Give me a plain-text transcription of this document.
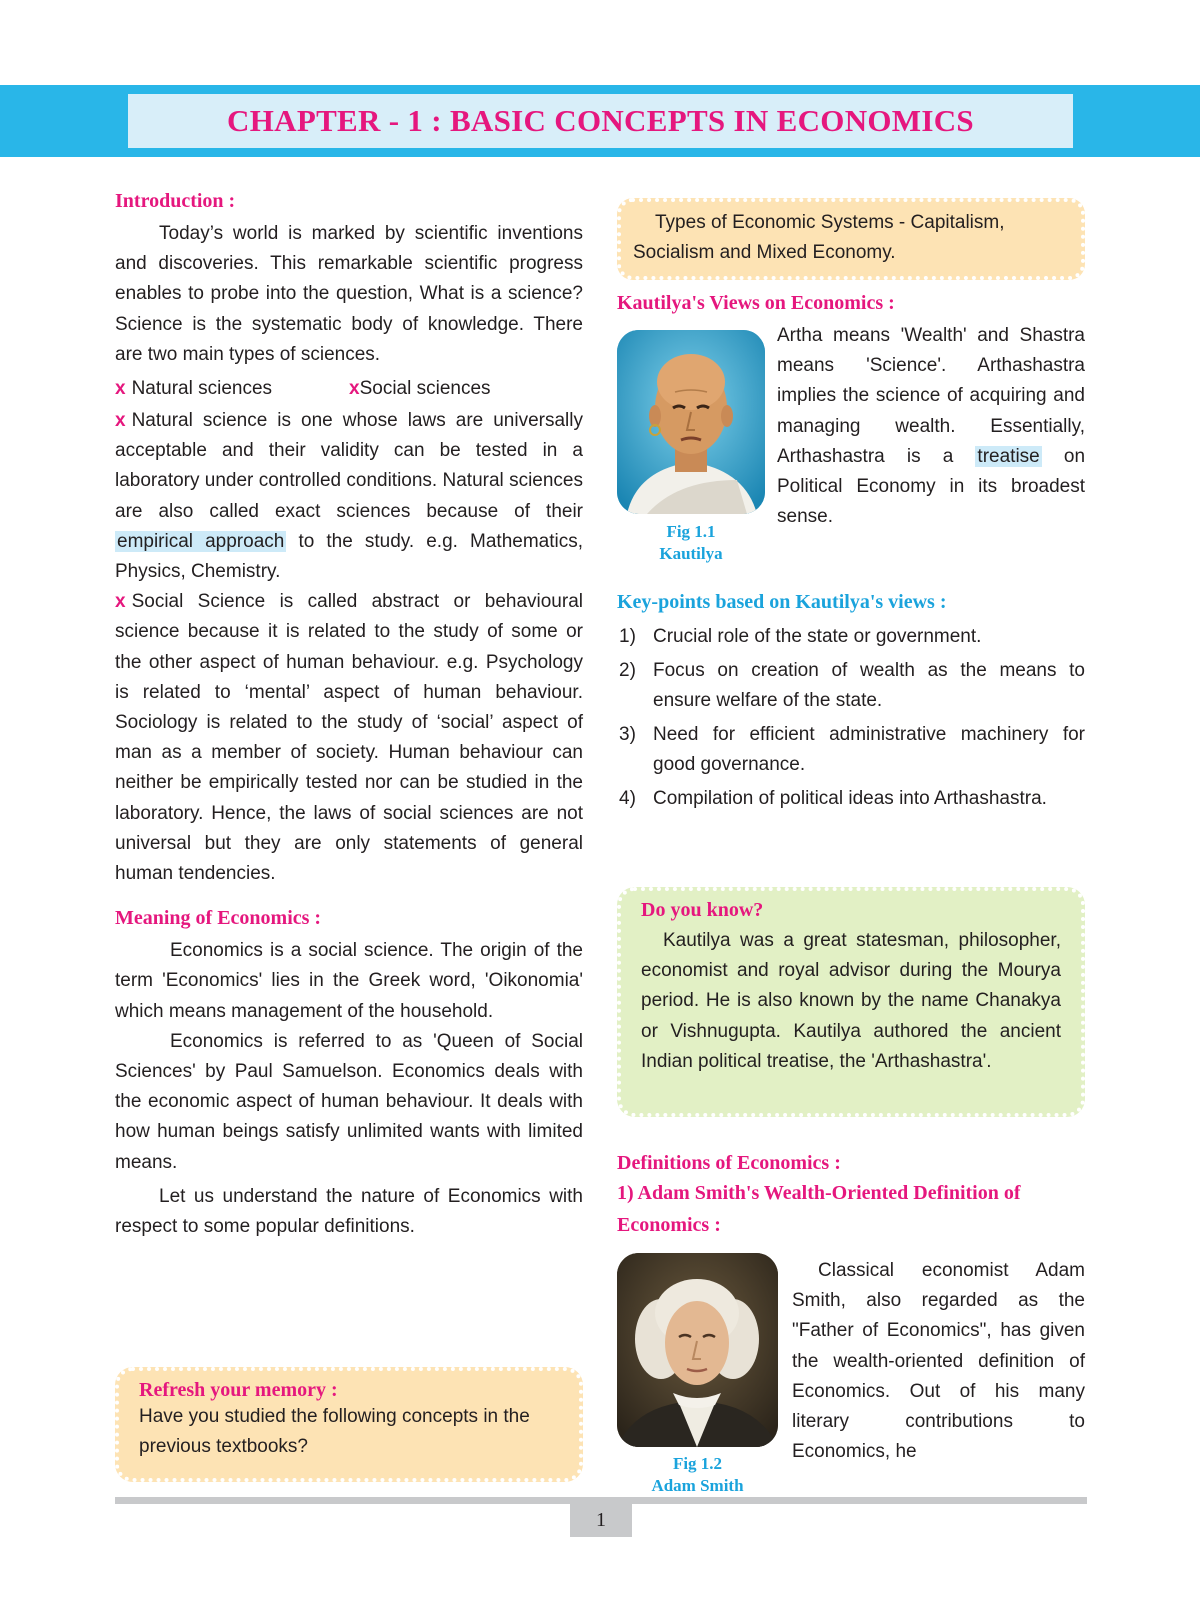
CHAPTER - 1 : BASIC CONCEPTS IN ECONOMICS
Introduction :

Today’s world is marked by scientific inventions and discoveries. This remarkable scientific progress enables to probe into the question, What is a science? Science is the systematic body of knowledge. There are two main types of sciences.

x Natural sciences	xSocial sciences

x Natural science is one whose laws are universally acceptable and their validity can be tested in a laboratory under controlled conditions. Natural sciences are also called exact sciences because of their empirical approach to the study. e.g. Mathematics, Physics, Chemistry.

x Social Science is called abstract or behavioural science because it is related to the study of some or the other aspect of human behaviour. e.g. Psychology is related to ‘mental’ aspect of human behaviour. Sociology is related to the study of ‘social’ aspect of man as a member of society. Human behaviour can neither be empirically tested nor can be studied in the laboratory. Hence, the laws of social sciences are not universal but they are only statements of general human tendencies.

Meaning of Economics :

Economics is a social science. The origin of the term 'Economics' lies in the Greek word, 'Oikonomia' which means management of the household.

Economics is referred to as 'Queen of Social Sciences' by Paul Samuelson. Economics deals with the economic aspect of human behaviour. It deals with how human beings satisfy unlimited wants with limited means.

Let us understand the nature of Economics with respect to some popular definitions.

Refresh your memory :

Have you studied the following concepts in the previous textbooks?

Types of Economic Systems - Capitalism, Socialism and Mixed Economy.

Kautilya's Views on Economics :

Artha means 'Wealth' and Shastra means 'Science'. Arthashastra implies the science of acquiring and managing wealth. Essentially, Arthashastra is a treatise on Political Economy in its broadest sense.

Key-points based on Kautilya's views :
1) Crucial role of the state or government.
2) Focus on creation of wealth as the means to ensure welfare of the state.
3) Need for efficient administrative machinery for good governance.
4) Compilation of political ideas into Arthashastra.
Fig 1.1
Kautilya
Do you know?

Kautilya was a great statesman, philosopher, economist and royal advisor during the Mourya period. He is also known by the name Chanakya or Vishnugupta. Kautilya authored the ancient Indian political treatise, the 'Arthashastra'.

Definitions of Economics :
1) Adam Smith's Wealth-Oriented Definition of Economics :

Classical economist Adam Smith, also regarded as the "Father of Economics", has given the wealth-oriented definition of Economics. Out of his many literary contributions to Economics, he

Fig 1.2
Adam Smith
1
